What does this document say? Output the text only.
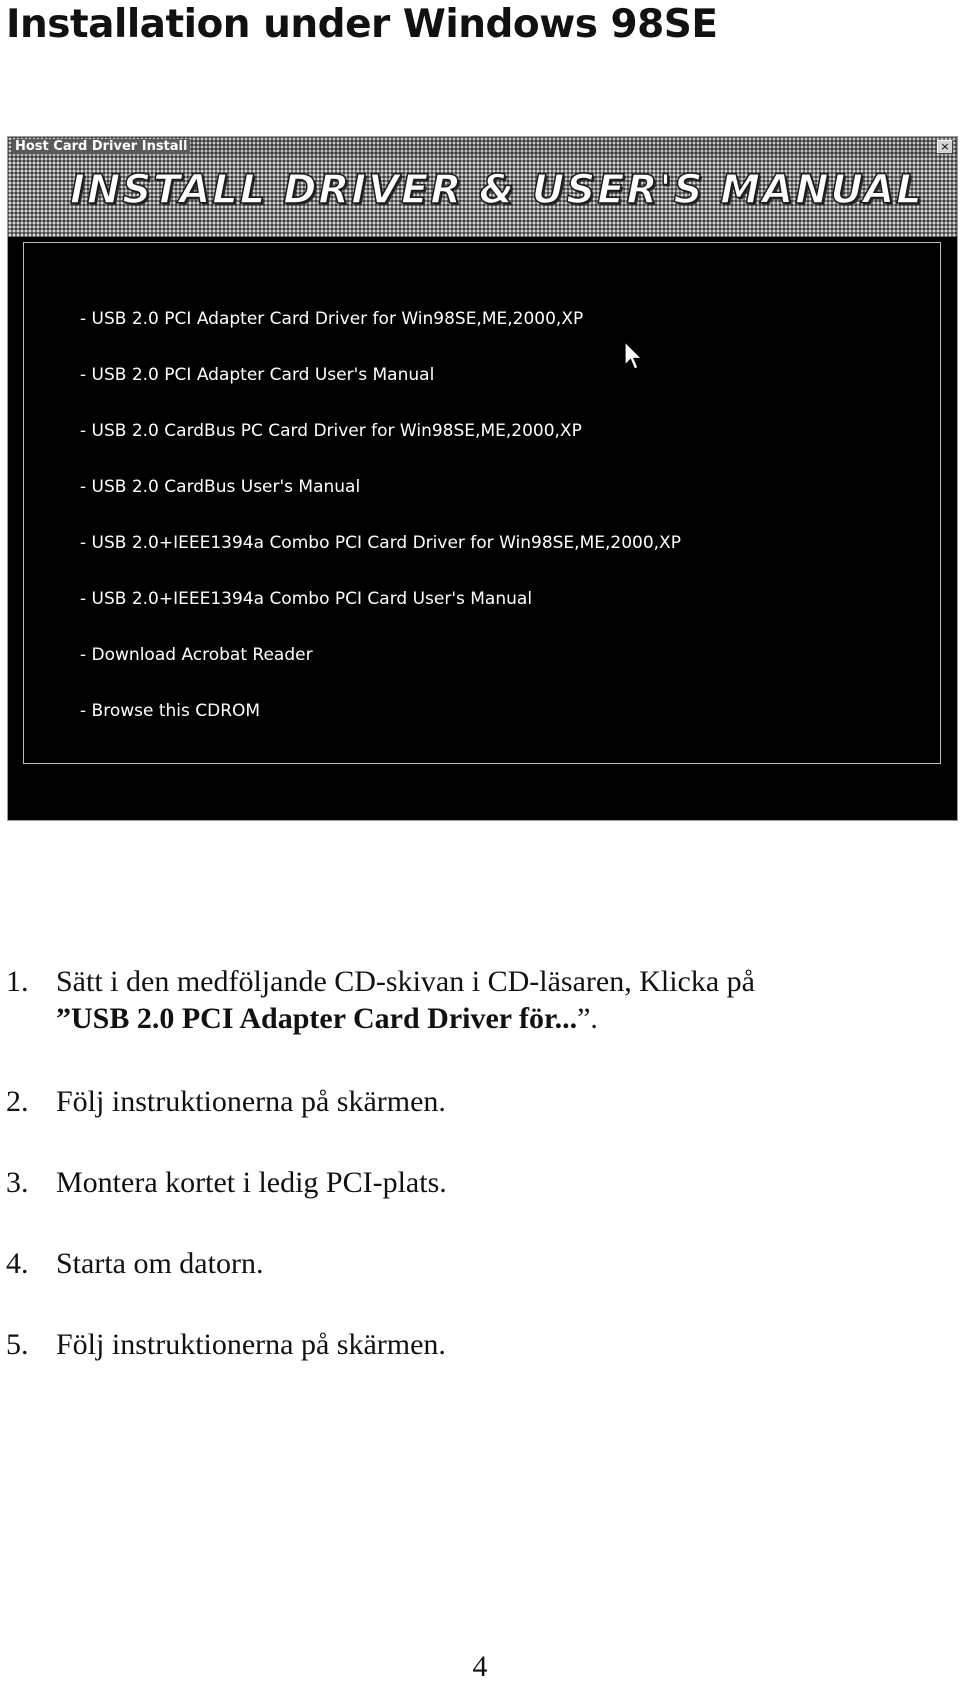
Installation under Windows 98SE
Host Card Driver Install	×
INSTALL DRIVER & USER'S MANUAL
- USB 2.0 PCI Adapter Card Driver for Win98SE,ME,2000,XP
- USB 2.0 PCI Adapter Card User's Manual
- USB 2.0 CardBus PC Card Driver for Win98SE,ME,2000,XP
- USB 2.0 CardBus User's Manual
- USB 2.0+IEEE1394a Combo PCI Card Driver for Win98SE,ME,2000,XP
- USB 2.0+IEEE1394a Combo PCI Card User's Manual
- Download Acrobat Reader
- Browse this CDROM
1. Sätt i den medföljande CD-skivan i CD-läsaren, Klicka på
”USB 2.0 PCI Adapter Card Driver för...”.
2. Följ instruktionerna på skärmen.
3. Montera kortet i ledig PCI-plats.
4. Starta om datorn.
5. Följ instruktionerna på skärmen.
4
